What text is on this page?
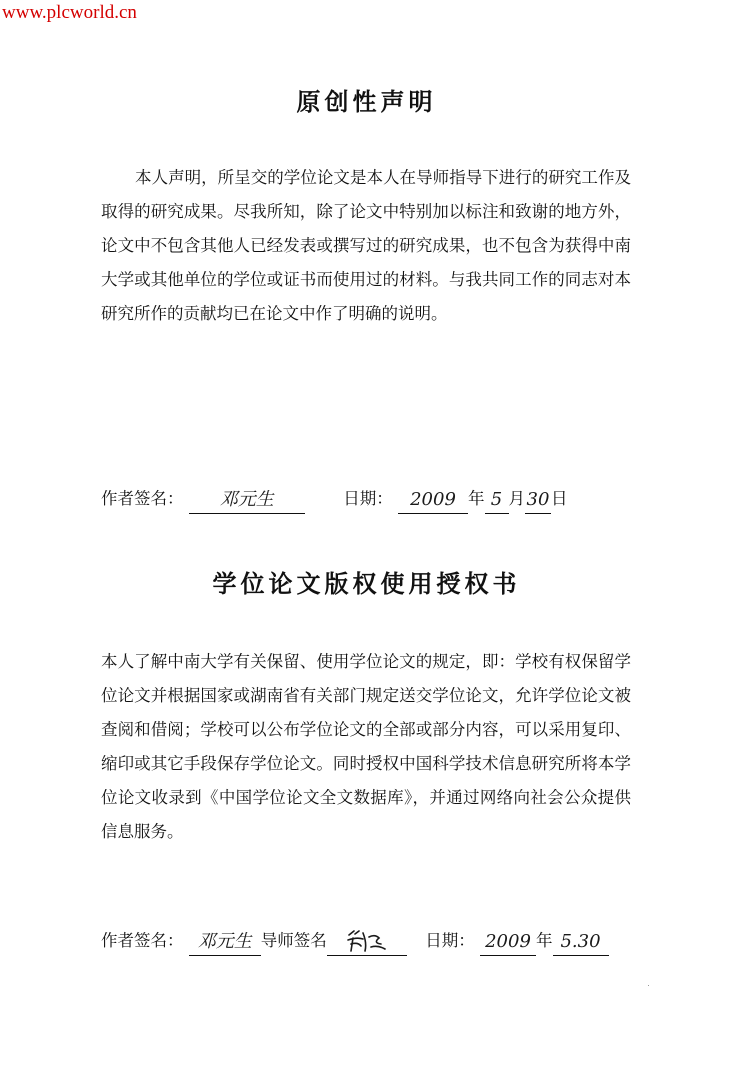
www.plcworld.cn
原创性声明
本人声明，所呈交的学位论文是本人在导师指导下进行的研究工作及取得的研究成果。尽我所知，除了论文中特别加以标注和致谢的地方外，论文中不包含其他人已经发表或撰写过的研究成果，也不包含为获得中南大学或其他单位的学位或证书而使用过的材料。与我共同工作的同志对本研究所作的贡献均已在论文中作了明确的说明。
作者签名： 邓元生	日期： 2009 年 5 月30日
学位论文版权使用授权书
本人了解中南大学有关保留、使用学位论文的规定，即：学校有权保留学位论文并根据国家或湖南省有关部门规定送交学位论文，允许学位论文被查阅和借阅；学校可以公布学位论文的全部或部分内容，可以采用复印、缩印或其它手段保存学位论文。同时授权中国科学技术信息研究所将本学位论文收录到《中国学位论文全文数据库》，并通过网络向社会公众提供信息服务。
作者签名： 邓元生 导师签名	日期： 2009 年 5.30
